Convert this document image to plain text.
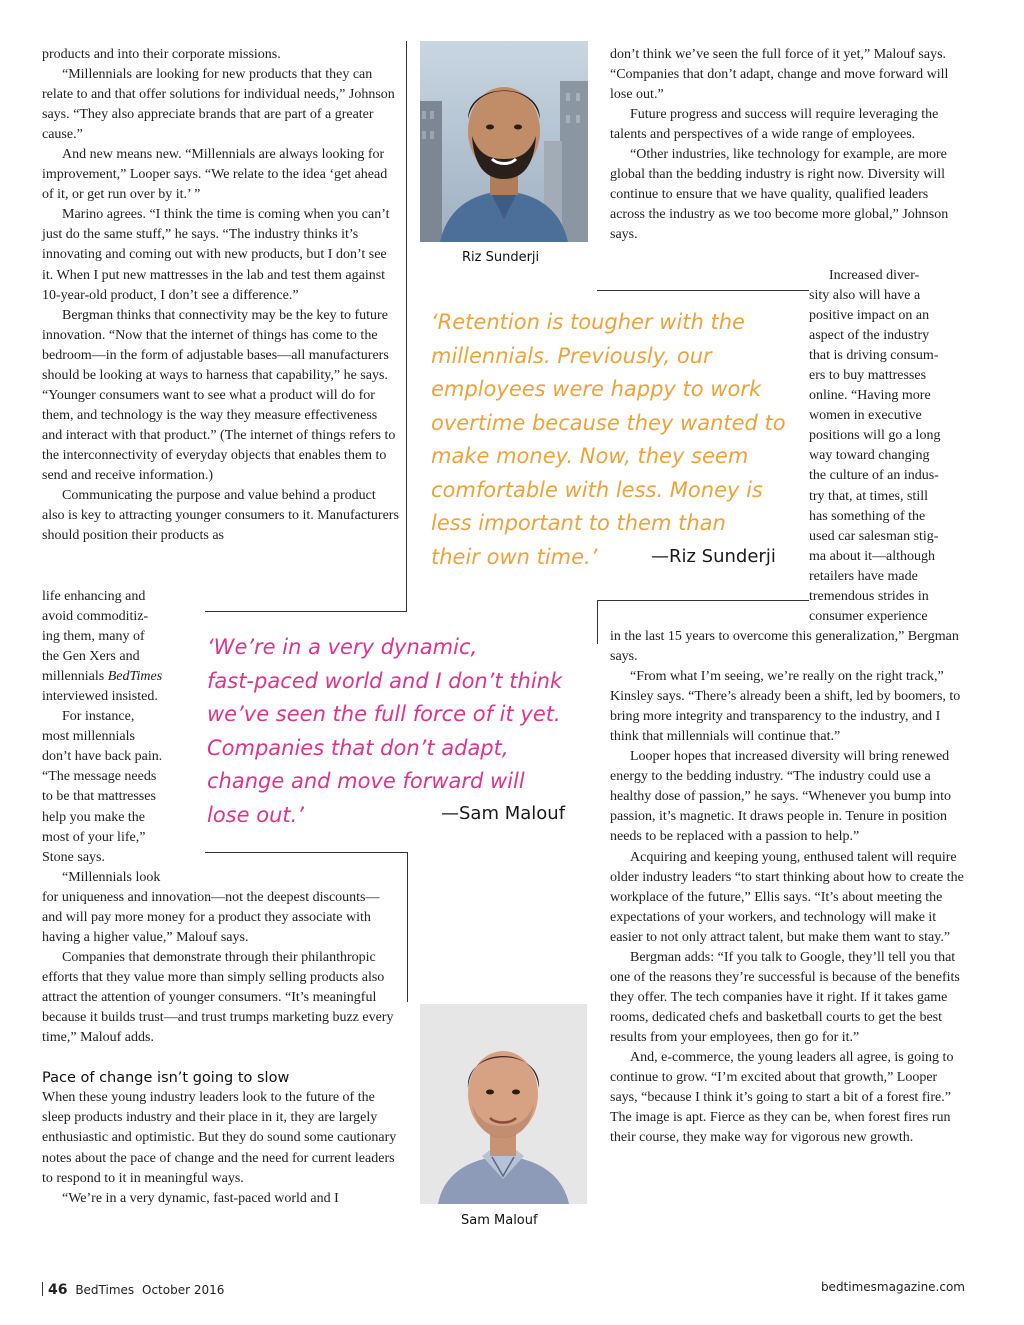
products and into their corporate missions.

“Millennials are looking for new products that they can relate to and that offer solutions for individual needs,” Johnson says. “They also appreciate brands that are part of a greater cause.”

And new means new. “Millennials are always looking for improvement,” Looper says. “We relate to the idea ‘get ahead of it, or get run over by it.’ ”

Marino agrees. “I think the time is coming when you can’t just do the same stuff,” he says. “The industry thinks it’s innovating and coming out with new products, but I don’t see it. When I put new mattresses in the lab and test them against 10-year-old product, I don’t see a difference.”

Bergman thinks that connectivity may be the key to future innovation. “Now that the internet of things has come to the bedroom—in the form of adjustable bases—all manufacturers should be looking at ways to harness that capability,” he says. “Younger consumers want to see what a product will do for them, and technology is the way they measure effectiveness and interact with that product.” (The internet of things refers to the interconnectivity of everyday objects that enables them to send and receive information.)

Communicating the purpose and value behind a product also is key to attracting younger consumers to it. Manufacturers should position their products as

life enhancing and

avoid commoditiz-

ing them, many of

the Gen Xers and

millennials BedTimes

interviewed insisted.

For instance,

most millennials

don’t have back pain.

“The message needs

to be that mattresses

help you make the

most of your life,”

Stone says.

“Millennials look

for uniqueness and innovation—not the deepest discounts—and will pay more money for a product they associate with having a higher value,” Malouf says.

Companies that demonstrate through their philanthropic efforts that they value more than simply selling products also attract the attention of younger consumers. “It’s meaningful because it builds trust—and trust trumps marketing buzz every time,” Malouf adds.

Pace of change isn’t going to slow

When these young industry leaders look to the future of the sleep products industry and their place in it, they are largely enthusiastic and optimistic. But they do sound some cautionary notes about the pace of change and the need for current leaders to respond to it in meaningful ways.

“We’re in a very dynamic, fast-paced world and I

Riz Sunderji

don’t think we’ve seen the full force of it yet,” Malouf says. “Companies that don’t adapt, change and move forward will lose out.”

Future progress and success will require leveraging the talents and perspectives of a wide range of employees.

“Other industries, like technology for example, are more global than the bedding industry is right now. Diversity will continue to ensure that we have quality, qualified leaders across the industry as we too become more global,” Johnson says.

Increased diver-

sity also will have a

positive impact on an

aspect of the industry

that is driving consum-

ers to buy mattresses

online. “Having more

women in executive

positions will go a long

way toward changing

the culture of an indus-

try that, at times, still

has something of the

used car salesman stig-

ma about it—although

retailers have made

tremendous strides in

consumer experience

in the last 15 years to overcome this generalization,” Bergman says.

“From what I’m seeing, we’re really on the right track,” Kinsley says. “There’s already been a shift, led by boomers, to bring more integrity and transparency to the industry, and I think that millennials will continue that.”

Looper hopes that increased diversity will bring renewed energy to the bedding industry. “The industry could use a healthy dose of passion,” he says. “Whenever you bump into passion, it’s magnetic. It draws people in. Tenure in position needs to be replaced with a passion to help.”

Acquiring and keeping young, enthused talent will require older industry leaders “to start thinking about how to create the workplace of the future,” Ellis says. “It’s about meeting the expectations of your workers, and technology will make it easier to not only attract talent, but make them want to stay.”

Bergman adds: “If you talk to Google, they’ll tell you that one of the reasons they’re successful is because of the benefits they offer. The tech companies have it right. If it takes game rooms, dedicated chefs and basketball courts to get the best results from your employees, then go for it.”

And, e-commerce, the young leaders all agree, is going to continue to grow. “I’m excited about that growth,” Looper says, “because I think it’s going to start a bit of a forest fire.” The image is apt. Fierce as they can be, when forest fires run their course, they make way for vigorous new growth.

‘Retention is tougher with the
millennials. Previously, our
employees were happy to work
overtime because they wanted to
make money. Now, they seem
comfortable with less. Money is
less important to them than
their own time.’	—Riz Sunderji
‘We’re in a very dynamic,
fast-paced world and I don’t think
we’ve seen the full force of it yet.
Companies that don’t adapt,
change and move forward will
lose out.’	—Sam Malouf
Sam Malouf
46 BedTimes October 2016	bedtimesmagazine.com
